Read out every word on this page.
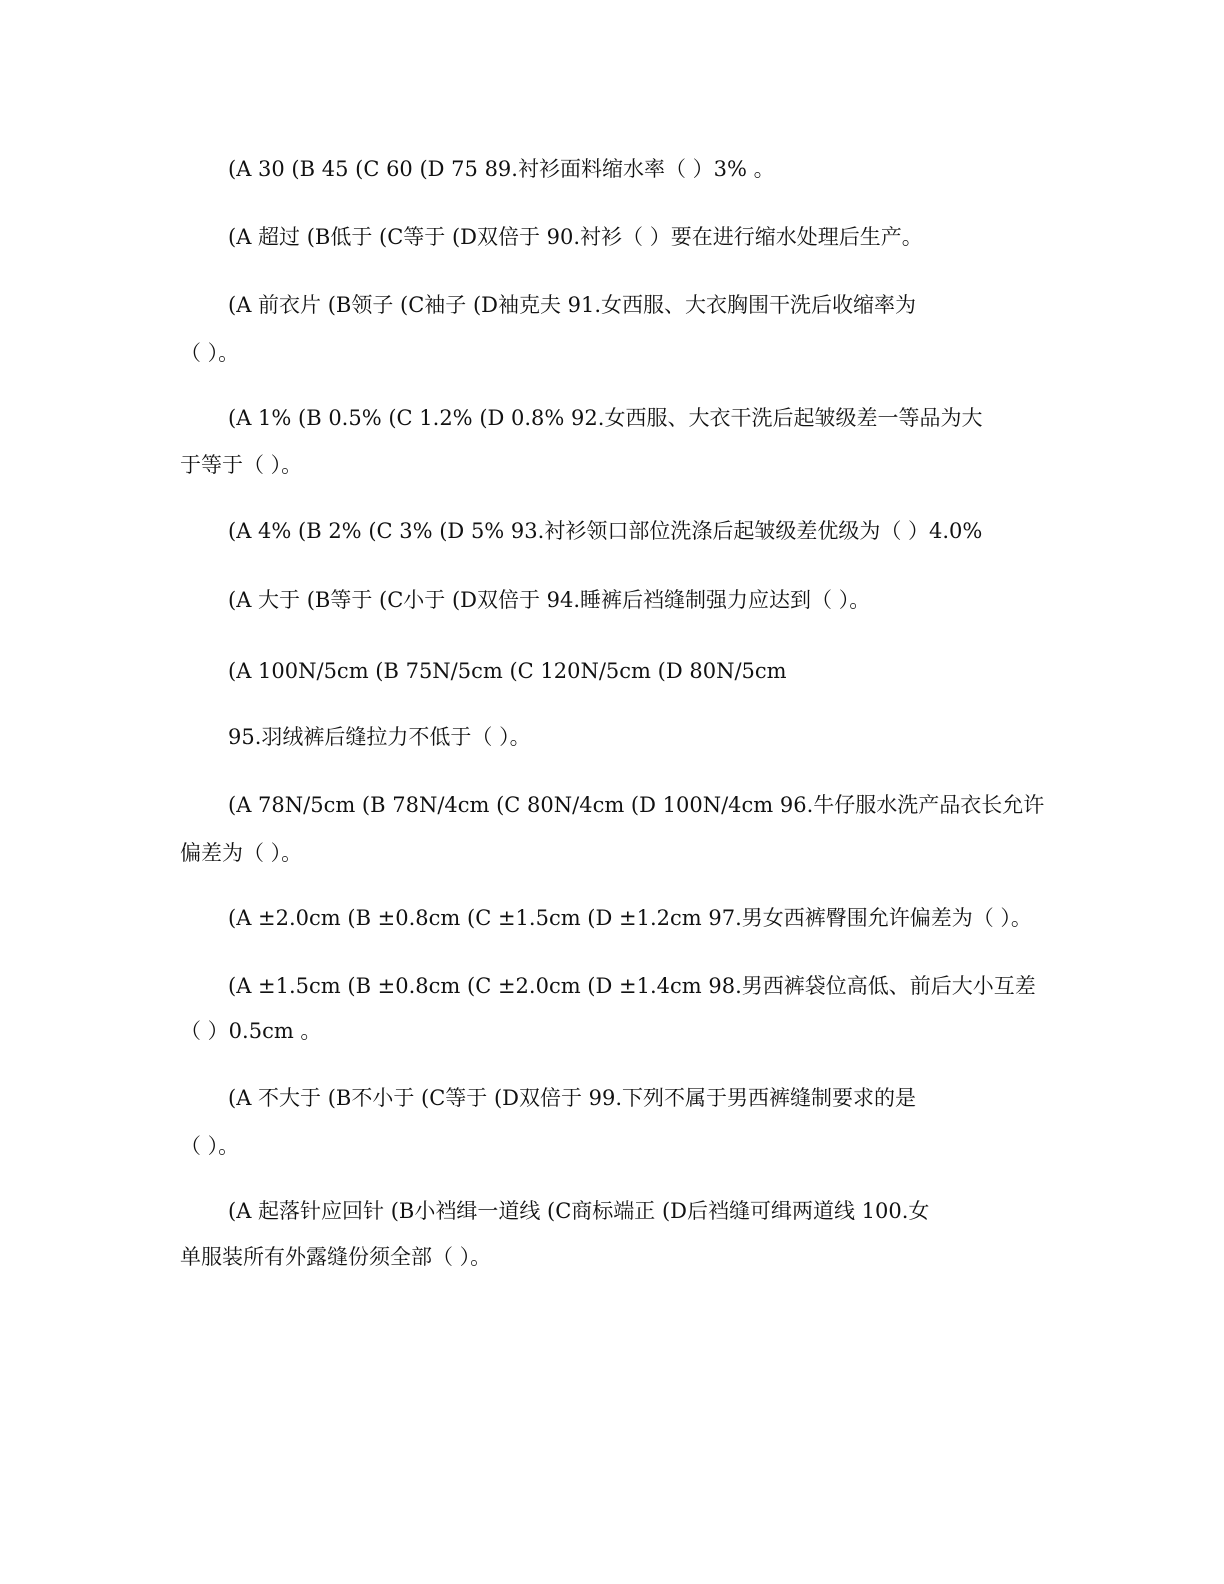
(A 30 (B 45 (C 60 (D 75 89.衬衫面料缩水率（ ）3% 。
(A 超过 (B低于 (C等于 (D双倍于 90.衬衫（ ）要在进行缩水处理后生产。
(A 前衣片 (B领子 (C袖子 (D袖克夫 91.女西服、大衣胸围干洗后收缩率为
（ ）。
(A 1% (B 0.5% (C 1.2% (D 0.8% 92.女西服、大衣干洗后起皱级差一等品为大
于等于（ ）。
(A 4% (B 2% (C 3% (D 5% 93.衬衫领口部位洗涤后起皱级差优级为（ ）4.0%
(A 大于 (B等于 (C小于 (D双倍于 94.睡裤后裆缝制强力应达到（ ）。
(A 100N/5cm (B 75N/5cm (C 120N/5cm (D 80N/5cm
95.羽绒裤后缝拉力不低于（ ）。
(A 78N/5cm (B 78N/4cm (C 80N/4cm (D 100N/4cm 96.牛仔服水洗产品衣长允许
偏差为（ ）。
(A ±2.0cm (B ±0.8cm (C ±1.5cm (D ±1.2cm 97.男女西裤臀围允许偏差为（ ）。
(A ±1.5cm (B ±0.8cm (C ±2.0cm (D ±1.4cm 98.男西裤袋位高低、前后大小互差
（ ）0.5cm 。
(A 不大于 (B不小于 (C等于 (D双倍于 99.下列不属于男西裤缝制要求的是
（ ）。
(A 起落针应回针 (B小裆缉一道线 (C商标端正 (D后裆缝可缉两道线 100.女
单服装所有外露缝份须全部（ ）。
